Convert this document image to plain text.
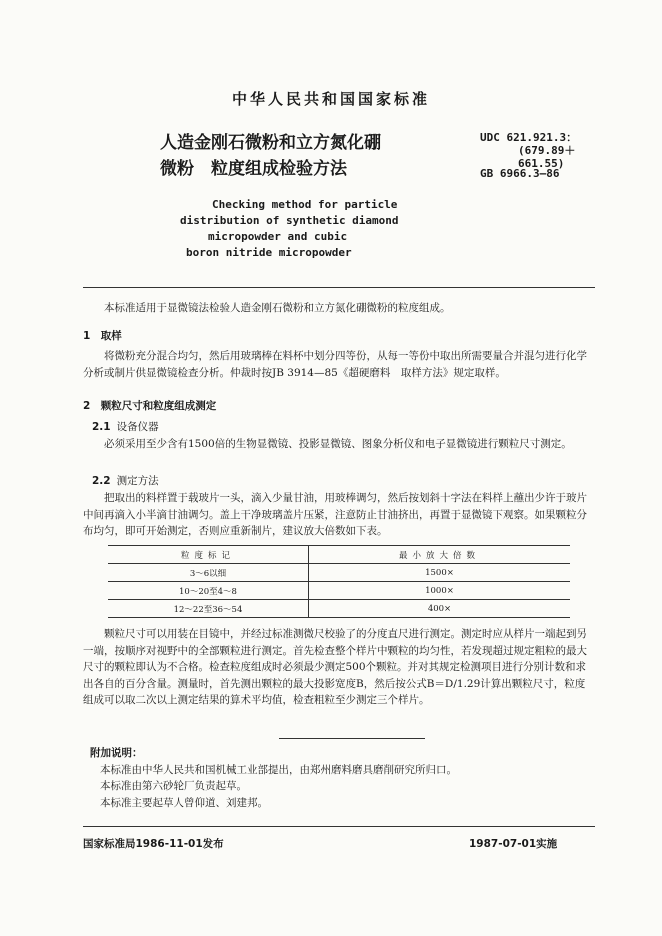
中华人民共和国国家标准
人造金刚石微粉和立方氮化硼
微粉　粒度组成检验方法
UDC 621.921.3：
(679.89＋
661.55)
GB 6966.3—86
Checking method for particle
distribution of synthetic diamond
micropowder and cubic
boron nitride micropowder
本标准适用于显微镜法检验人造金刚石微粉和立方氮化硼微粉的粒度组成。
1　取样
将微粉充分混合均匀，然后用玻璃棒在料杯中划分四等份，从每一等份中取出所需要量合并混匀进行化学分析或制片供显微镜检查分析。仲裁时按JB 3914—85《超硬磨料　取样方法》规定取样。
2　颗粒尺寸和粒度组成测定
2.1 设备仪器
必须采用至少含有1500倍的生物显微镜、投影显微镜、图象分析仪和电子显微镜进行颗粒尺寸测定。
2.2 测定方法
把取出的料样置于载玻片一头，滴入少量甘油，用玻棒调匀，然后按划斜十字法在料样上蘸出少许于玻片中间再滴入小半滴甘油调匀。盖上干净玻璃盖片压紧，注意防止甘油挤出，再置于显微镜下观察。如果颗粒分布均匀，即可开始测定，否则应重新制片，建议放大倍数如下表。
粒度标记	最小放大倍数
3～6以细	1500×
10～20至4～8	1000×
12～22至36～54	400×
颗粒尺寸可以用装在目镜中，并经过标准测微尺校验了的分度直尺进行测定。测定时应从样片一端起到另一端，按顺序对视野中的全部颗粒进行测定。首先检查整个样片中颗粒的均匀性，若发现超过规定粗粒的最大尺寸的颗粒即认为不合格。检查粒度组成时必须最少测定500个颗粒。并对其规定检测项目进行分别计数和求出各自的百分含量。测量时，首先测出颗粒的最大投影宽度B，然后按公式B＝D/1.29计算出颗粒尺寸，粒度组成可以取二次以上测定结果的算术平均值，检查粗粒至少测定三个样片。
附加说明：
本标准由中华人民共和国机械工业部提出，由郑州磨料磨具磨削研究所归口。
本标准由第六砂轮厂负责起草。
本标准主要起草人曾仰道、刘建邦。
国家标准局1986-11-01发布	1987-07-01实施
